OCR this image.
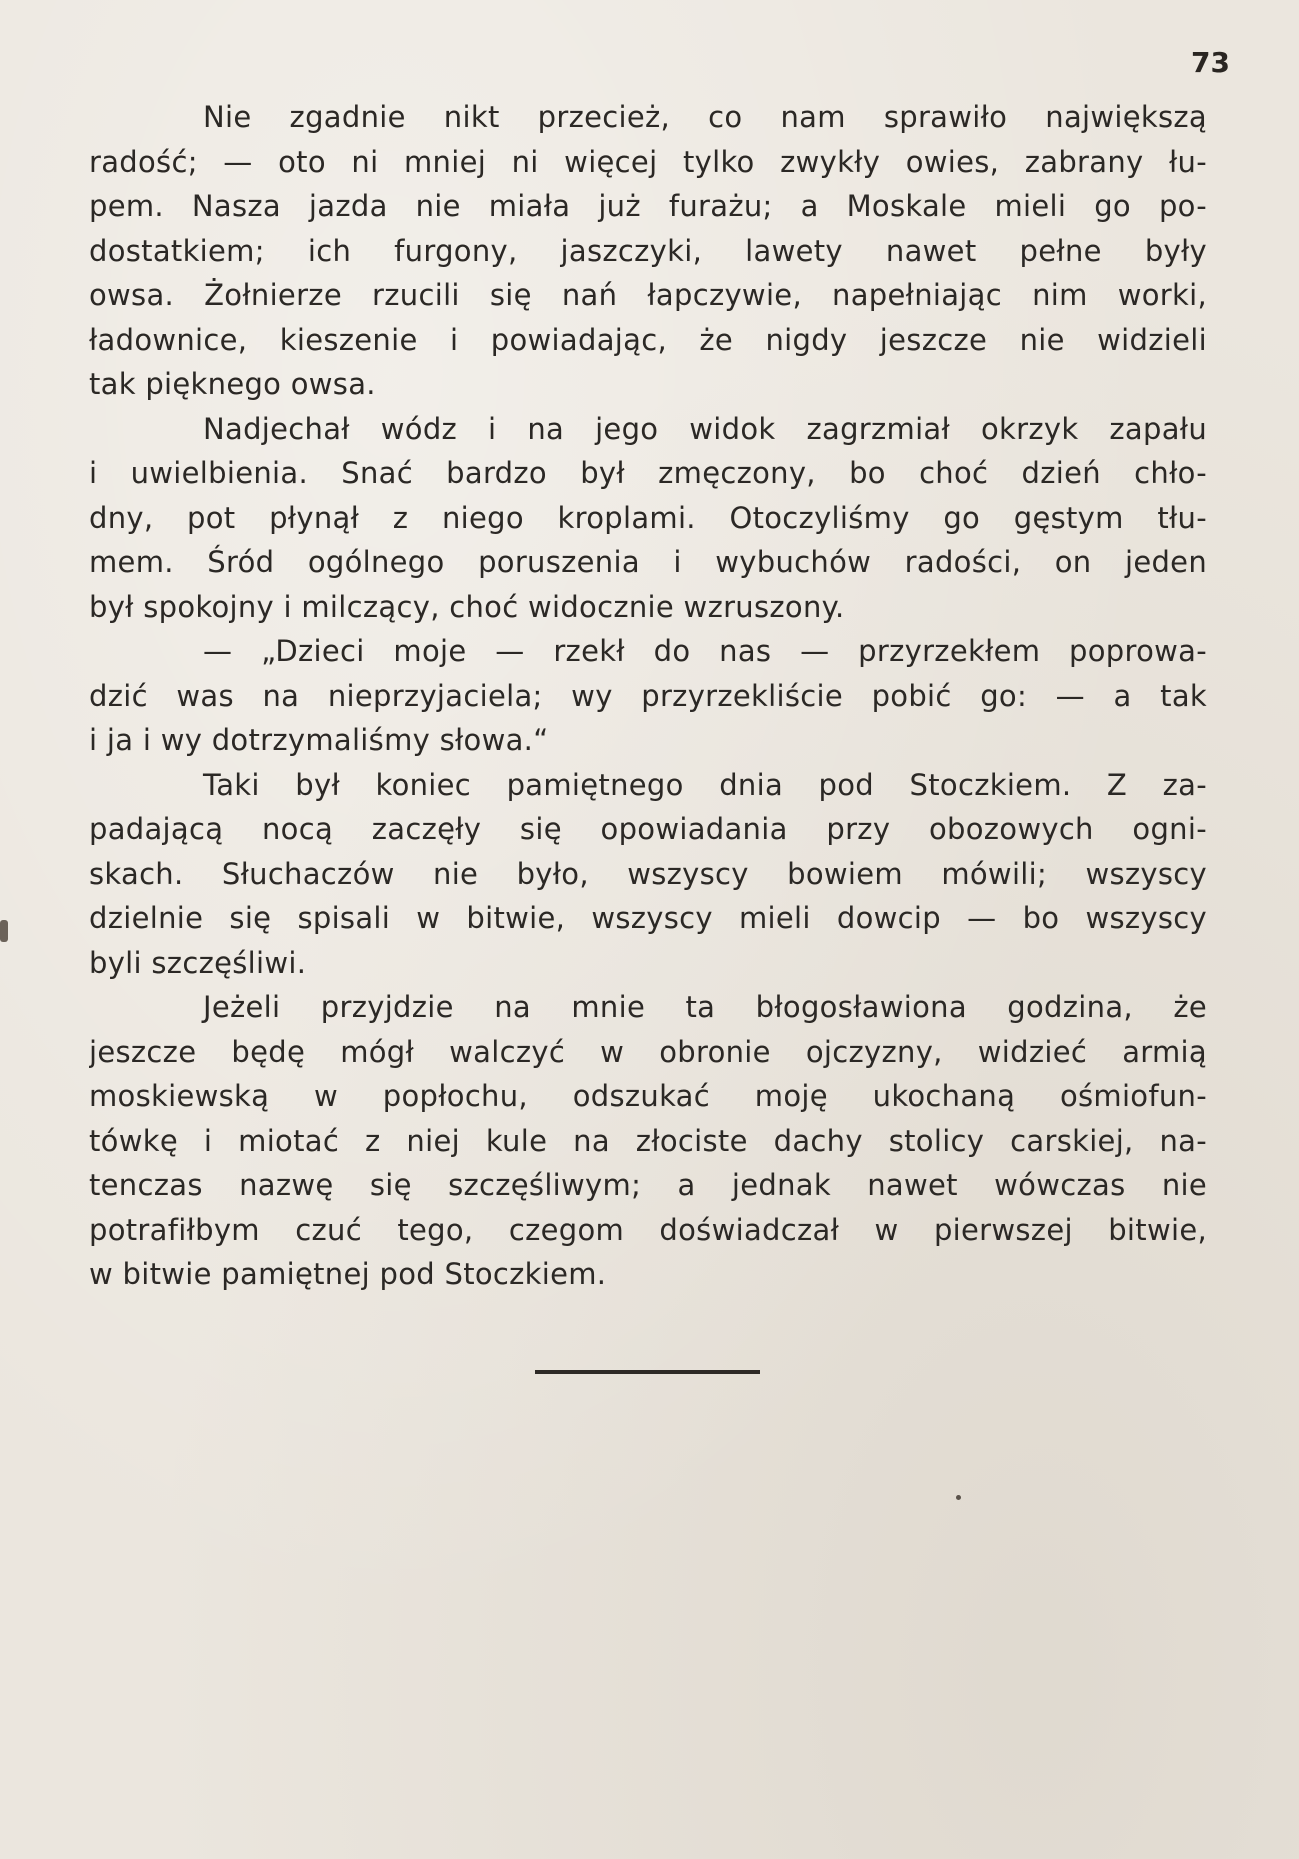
73

Nie zgadnie nikt przecież, co nam sprawiło największą
radość; — oto ni mniej ni więcej tylko zwykły owies, zabrany łu-
pem. Nasza jazda nie miała już furażu; a Moskale mieli go po-
dostatkiem; ich furgony, jaszczyki, lawety nawet pełne były
owsa. Żołnierze rzucili się nań łapczywie, napełniając nim worki,
ładownice, kieszenie i powiadając, że nigdy jeszcze nie widzieli
tak pięknego owsa.

Nadjechał wódz i na jego widok zagrzmiał okrzyk zapału
i uwielbienia. Snać bardzo był zmęczony, bo choć dzień chło-
dny, pot płynął z niego kroplami. Otoczyliśmy go gęstym tłu-
mem. Śród ogólnego poruszenia i wybuchów radości, on jeden
był spokojny i milczący, choć widocznie wzruszony.

— „Dzieci moje — rzekł do nas — przyrzekłem poprowa-
dzić was na nieprzyjaciela; wy przyrzekliście pobić go: — a tak
i ja i wy dotrzymaliśmy słowa.“

Taki był koniec pamiętnego dnia pod Stoczkiem. Z za-
padającą nocą zaczęły się opowiadania przy obozowych ogni-
skach. Słuchaczów nie było, wszyscy bowiem mówili; wszyscy
dzielnie się spisali w bitwie, wszyscy mieli dowcip — bo wszyscy
byli szczęśliwi.

Jeżeli przyjdzie na mnie ta błogosławiona godzina, że
jeszcze będę mógł walczyć w obronie ojczyzny, widzieć armią
moskiewską w popłochu, odszukać moję ukochaną ośmiofun-
tówkę i miotać z niej kule na złociste dachy stolicy carskiej, na-
tenczas nazwę się szczęśliwym; a jednak nawet wówczas nie
potrafiłbym czuć tego, czegom doświadczał w pierwszej bitwie,
w bitwie pamiętnej pod Stoczkiem.
